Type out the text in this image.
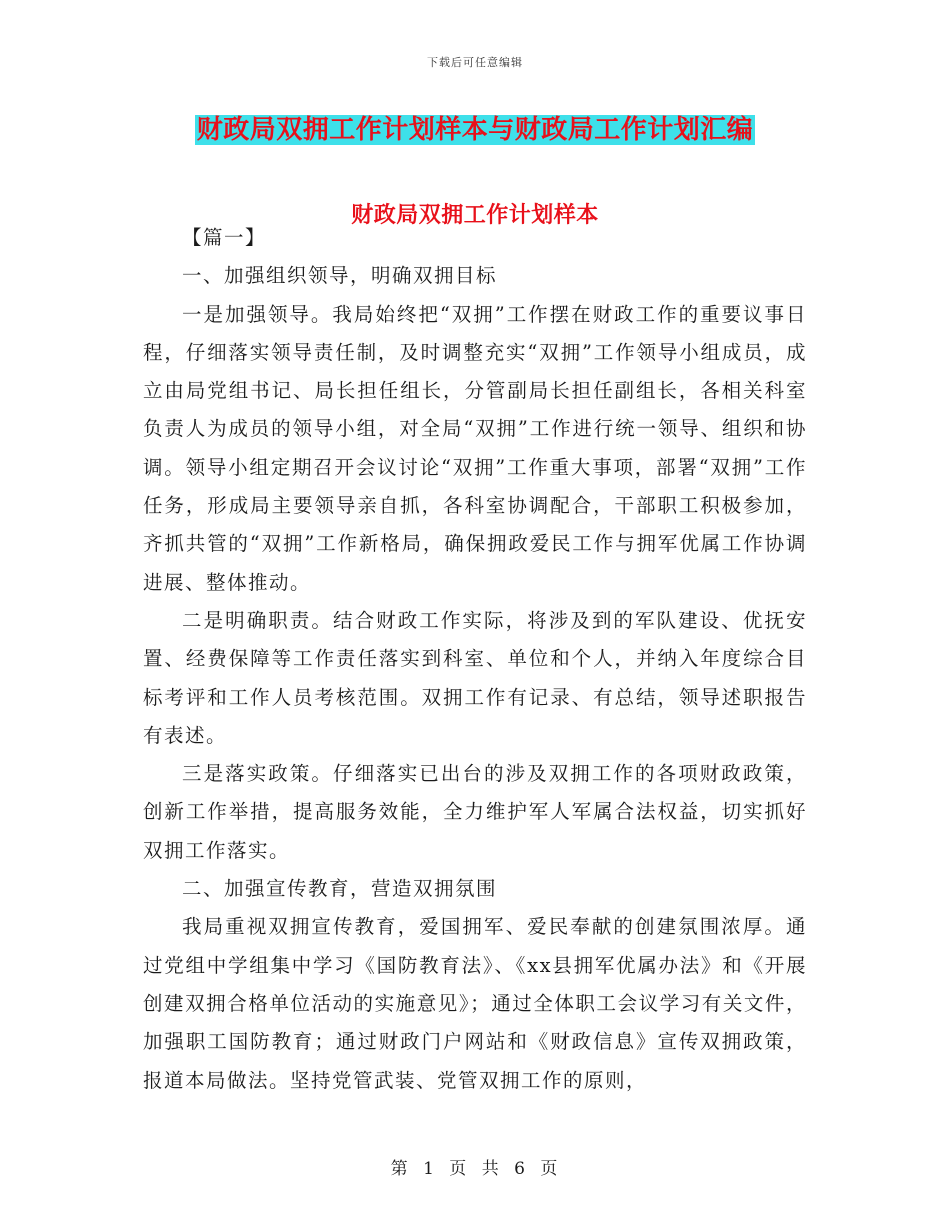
下载后可任意编辑
财政局双拥工作计划样本与财政局工作计划汇编
财政局双拥工作计划样本

【篇一】

一、加强组织领导，明确双拥目标

一是加强领导。我局始终把“双拥”工作摆在财政工作的重要议事日程，仔细落实领导责任制，及时调整充实“双拥”工作领导小组成员，成立由局党组书记、局长担任组长，分管副局长担任副组长，各相关科室负责人为成员的领导小组，对全局“双拥”工作进行统一领导、组织和协调。领导小组定期召开会议讨论“双拥”工作重大事项，部署“双拥”工作任务，形成局主要领导亲自抓，各科室协调配合，干部职工积极参加，齐抓共管的“双拥”工作新格局，确保拥政爱民工作与拥军优属工作协调进展、整体推动。

二是明确职责。结合财政工作实际，将涉及到的军队建设、优抚安置、经费保障等工作责任落实到科室、单位和个人，并纳入年度综合目标考评和工作人员考核范围。双拥工作有记录、有总结，领导述职报告有表述。

三是落实政策。仔细落实已出台的涉及双拥工作的各项财政政策，创新工作举措，提高服务效能，全力维护军人军属合法权益，切实抓好双拥工作落实。

二、加强宣传教育，营造双拥氛围

我局重视双拥宣传教育，爱国拥军、爱民奉献的创建氛围浓厚。通过党组中学组集中学习《国防教育法》、《xx县拥军优属办法》和《开展创建双拥合格单位活动的实施意见》；通过全体职工会议学习有关文件，加强职工国防教育；通过财政门户网站和《财政信息》宣传双拥政策，报道本局做法。坚持党管武装、党管双拥工作的原则，

第 1 页 共 6 页
